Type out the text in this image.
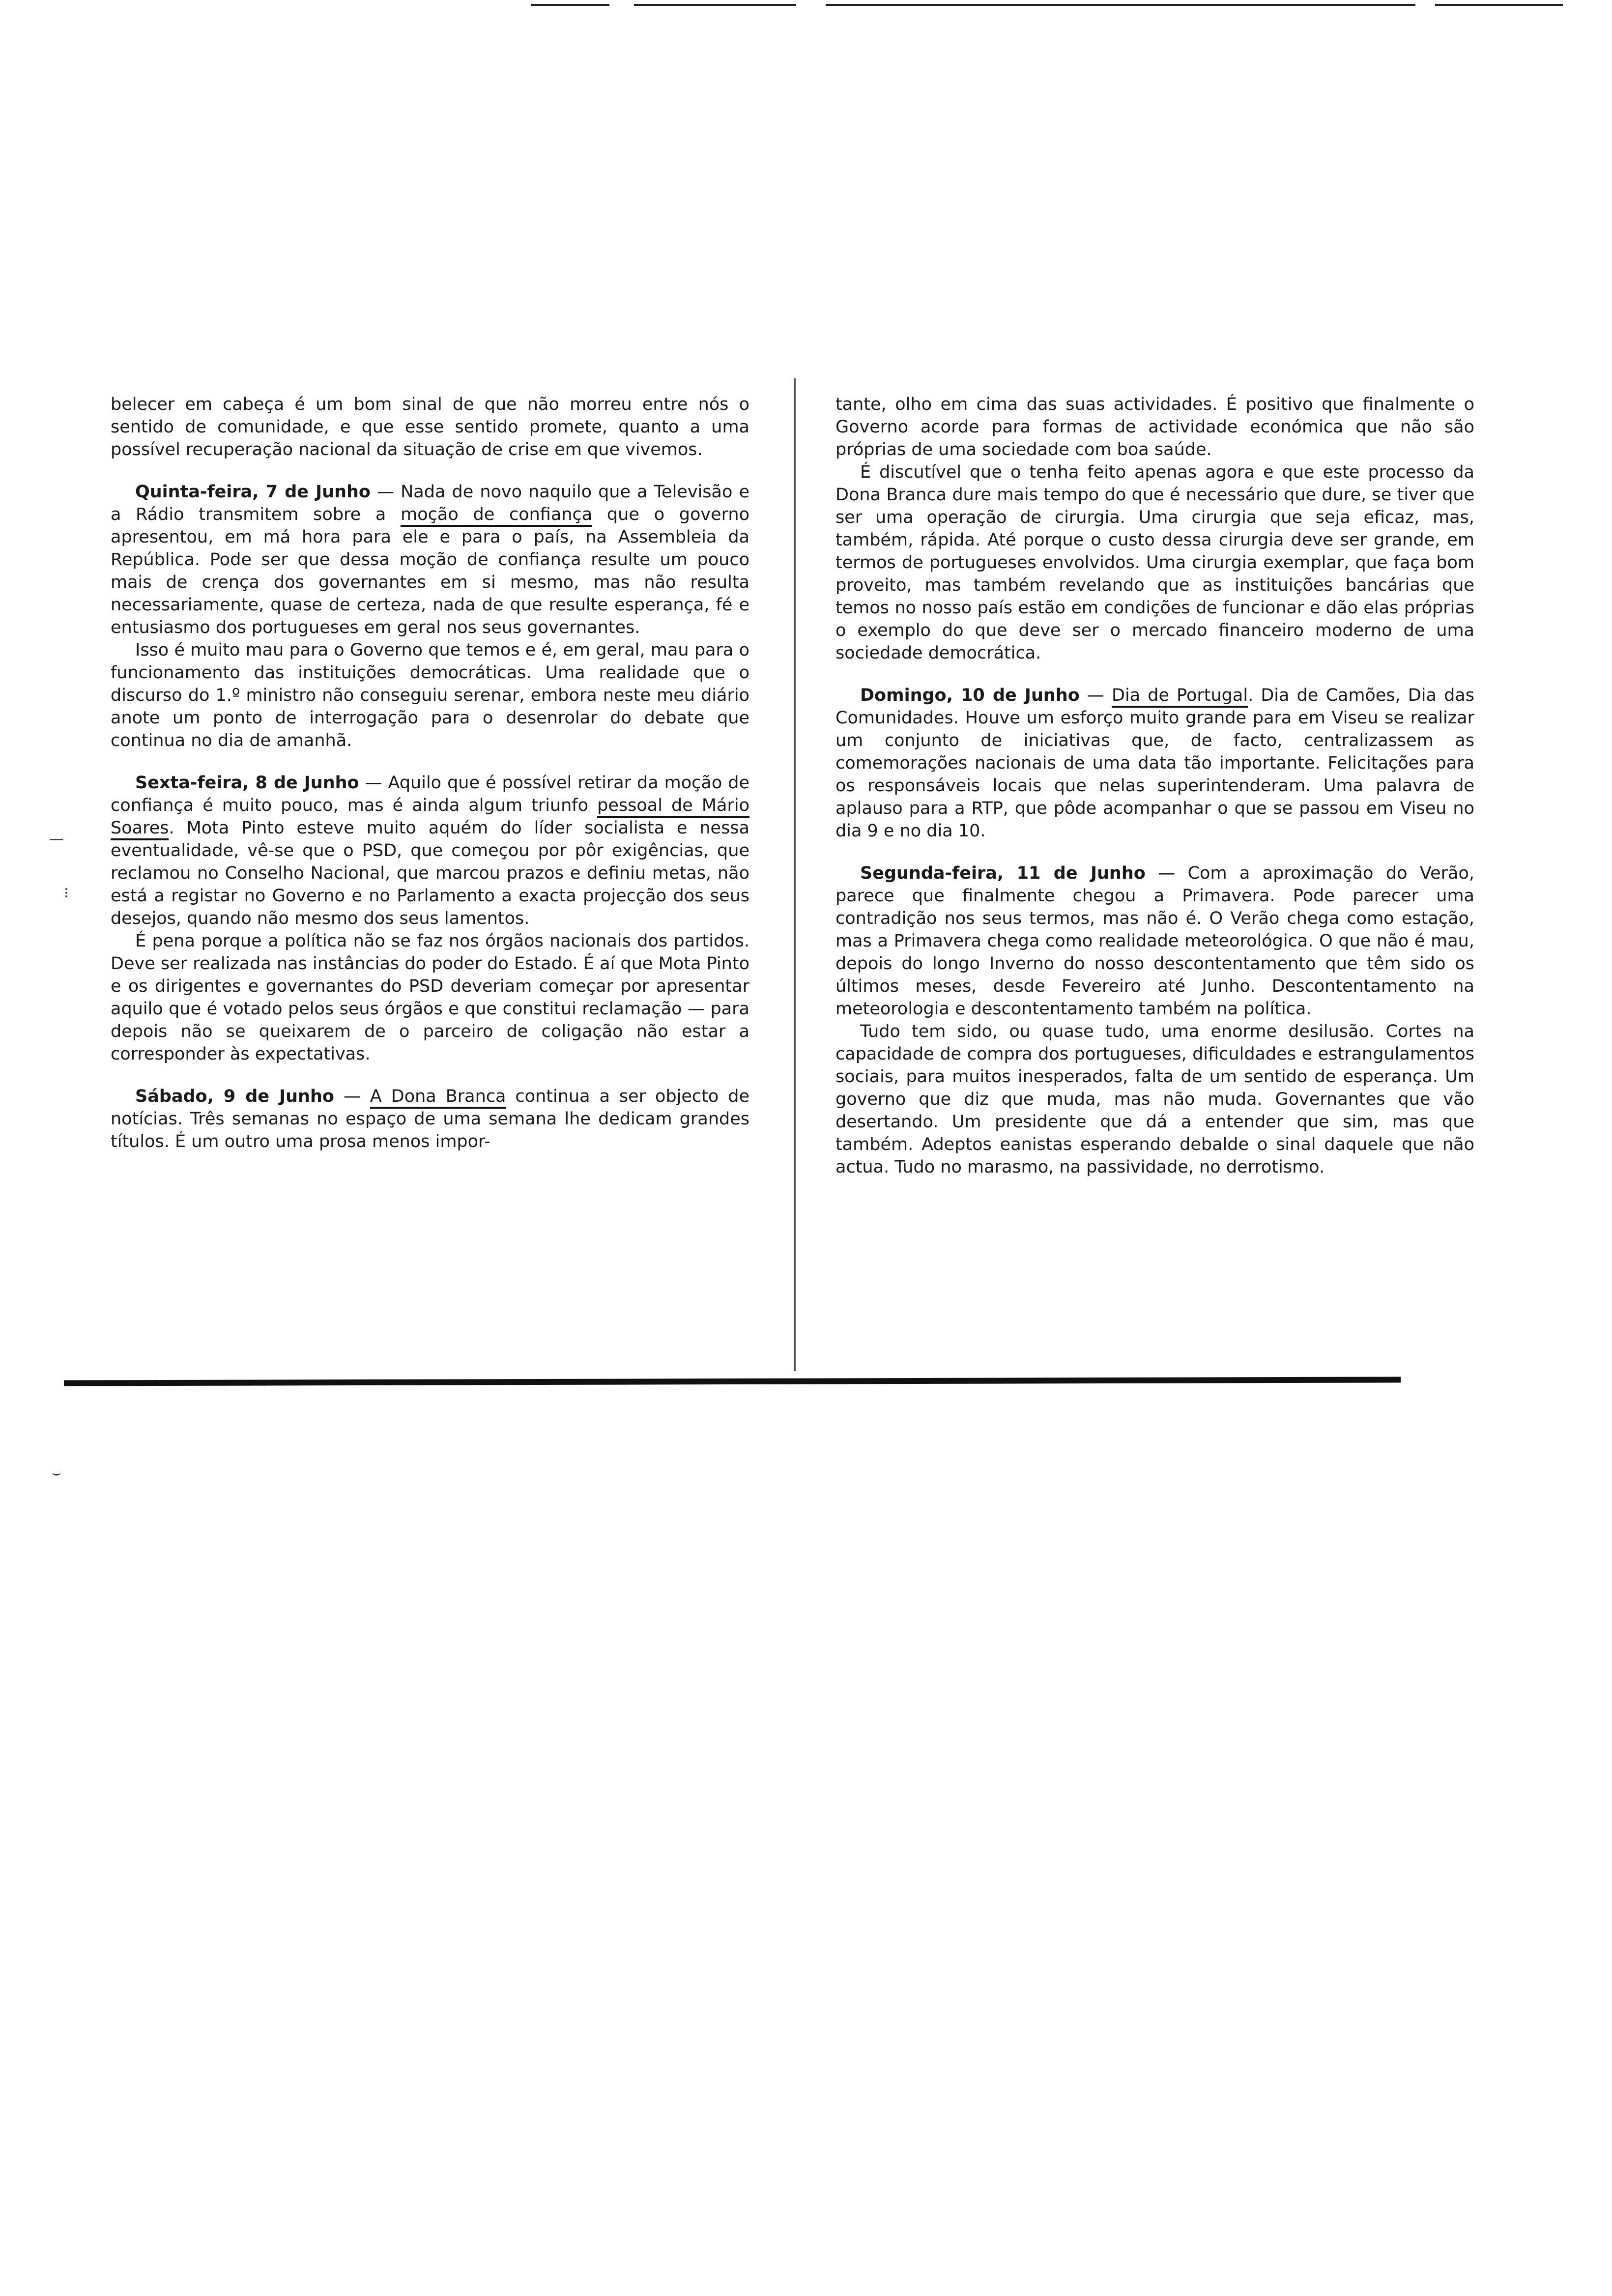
belecer em cabeça é um bom sinal de que não morreu entre nós o sentido de comunidade, e que esse sentido promete, quanto a uma possível recuperação nacional da situação de crise em que vivemos.

Quinta-feira, 7 de Junho — Nada de novo naquilo que a Televisão e a Rádio transmitem sobre a moção de confiança que o governo apresentou, em má hora para ele e para o país, na Assembleia da República. Pode ser que dessa moção de confiança resulte um pouco mais de crença dos governantes em si mesmo, mas não resulta necessariamente, quase de certeza, nada de que resulte esperança, fé e entusiasmo dos portugueses em geral nos seus governantes.

Isso é muito mau para o Governo que temos e é, em geral, mau para o funcionamento das instituições democráticas. Uma realidade que o discurso do 1.º ministro não conseguiu serenar, embora neste meu diário anote um ponto de interrogação para o desenrolar do debate que continua no dia de amanhã.

Sexta-feira, 8 de Junho — Aquilo que é possível retirar da moção de confiança é muito pouco, mas é ainda algum triunfo pessoal de Mário Soares. Mota Pinto esteve muito aquém do líder socialista e nessa eventualidade, vê-se que o PSD, que começou por pôr exigências, que reclamou no Conselho Nacional, que marcou prazos e definiu metas, não está a registar no Governo e no Parlamento a exacta projecção dos seus desejos, quando não mesmo dos seus lamentos.

É pena porque a política não se faz nos órgãos nacionais dos partidos. Deve ser realizada nas instâncias do poder do Estado. É aí que Mota Pinto e os dirigentes e governantes do PSD deveriam começar por apresentar aquilo que é votado pelos seus órgãos e que constitui reclamação — para depois não se queixarem de o parceiro de coligação não estar a corresponder às expectativas.

Sábado, 9 de Junho — A Dona Branca continua a ser objecto de notícias. Três semanas no espaço de uma semana lhe dedicam grandes títulos. É um outro uma prosa menos impor-

tante, olho em cima das suas actividades. É positivo que finalmente o Governo acorde para formas de actividade económica que não são próprias de uma sociedade com boa saúde.

É discutível que o tenha feito apenas agora e que este processo da Dona Branca dure mais tempo do que é necessário que dure, se tiver que ser uma operação de cirurgia. Uma cirurgia que seja eficaz, mas, também, rápida. Até porque o custo dessa cirurgia deve ser grande, em termos de portugueses envolvidos. Uma cirurgia exemplar, que faça bom proveito, mas também revelando que as instituições bancárias que temos no nosso país estão em condições de funcionar e dão elas próprias o exemplo do que deve ser o mercado financeiro moderno de uma sociedade democrática.

Domingo, 10 de Junho — Dia de Portugal. Dia de Camões, Dia das Comunidades. Houve um esforço muito grande para em Viseu se realizar um conjunto de iniciativas que, de facto, centralizassem as comemorações nacionais de uma data tão importante. Felicitações para os responsáveis locais que nelas superintenderam. Uma palavra de aplauso para a RTP, que pôde acompanhar o que se passou em Viseu no dia 9 e no dia 10.

Segunda-feira, 11 de Junho — Com a aproximação do Verão, parece que finalmente chegou a Primavera. Pode parecer uma contradição nos seus termos, mas não é. O Verão chega como estação, mas a Primavera chega como realidade meteorológica. O que não é mau, depois do longo Inverno do nosso descontentamento que têm sido os últimos meses, desde Fevereiro até Junho. Descontentamento na meteorologia e descontentamento também na política.

Tudo tem sido, ou quase tudo, uma enorme desilusão. Cortes na capacidade de compra dos portugueses, dificuldades e estrangulamentos sociais, para muitos inesperados, falta de um sentido de esperança. Um governo que diz que muda, mas não muda. Governantes que vão desertando. Um presidente que dá a entender que sim, mas que também. Adeptos eanistas esperando debalde o sinal daquele que não actua. Tudo no marasmo, na passividade, no derrotismo.

—
⁝
⌣
